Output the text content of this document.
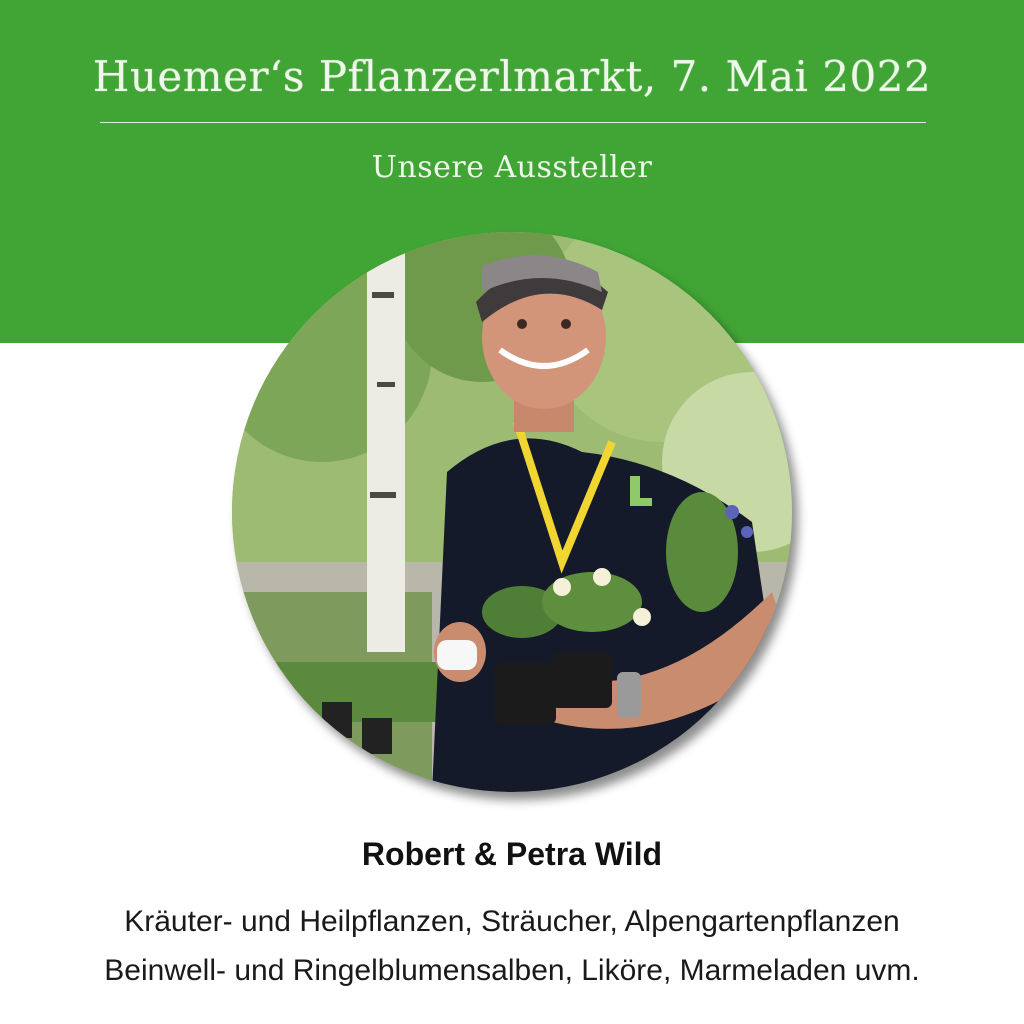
Huemer‘s Pflanzerlmarkt, 7. Mai 2022
Unsere Aussteller
Robert & Petra Wild
Kräuter- und Heilpflanzen, Sträucher, Alpengartenpflanzen
Beinwell- und Ringelblumensalben, Liköre, Marmeladen uvm.
